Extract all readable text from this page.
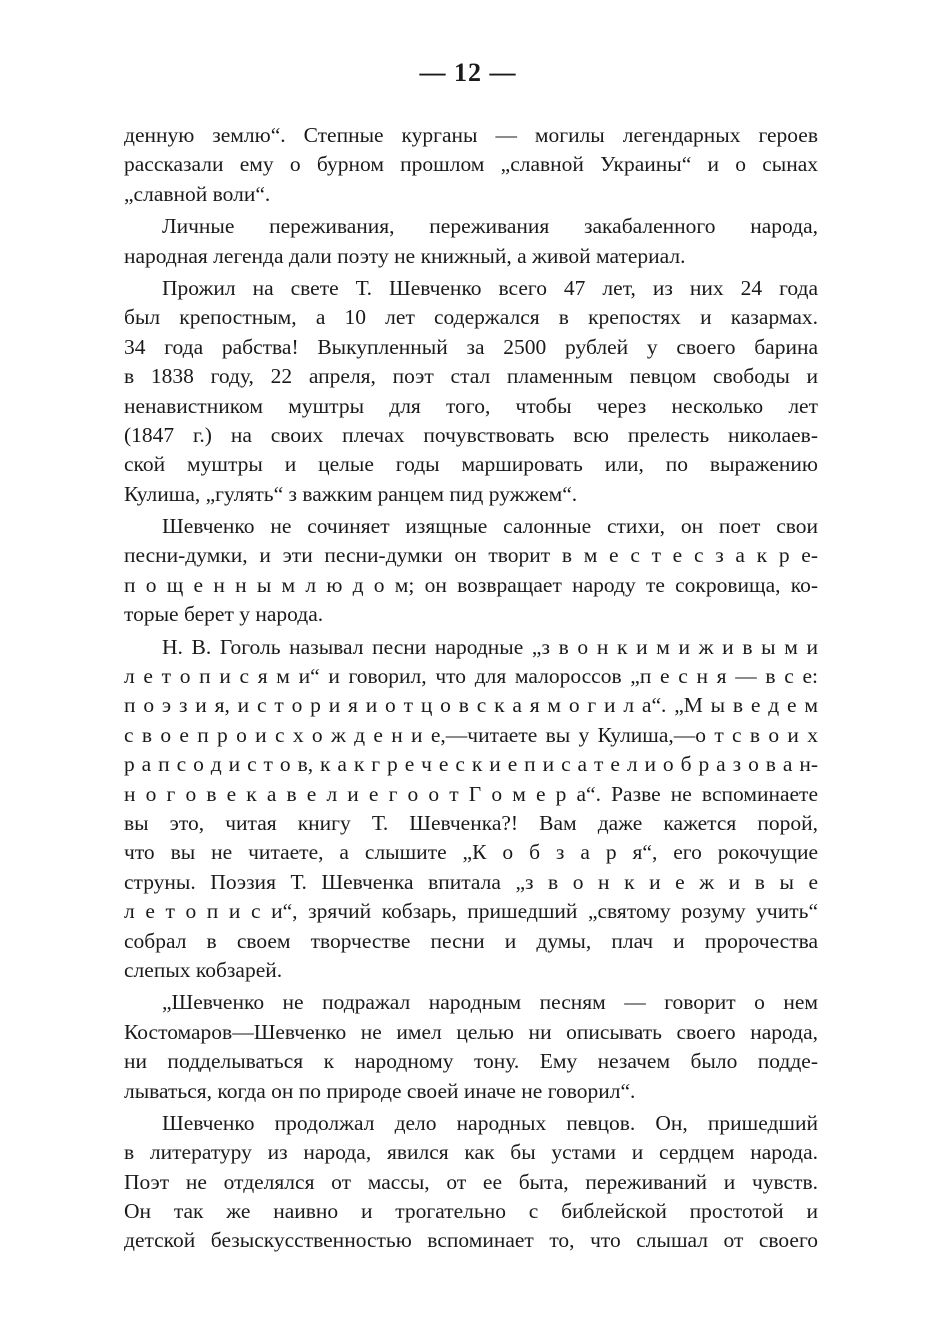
— 12 —
денную землю“. Степные курганы — могилы легендарных героев
рассказали ему о бурном прошлом „славной Украины“ и о сынах
„славной воли“.
Личные переживания, переживания закабаленного народа,
народная легенда дали поэту не книжный, а живой материал.
Прожил на свете Т. Шевченко всего 47 лет, из них 24 года
был крепостным, а 10 лет содержался в крепостях и казармах.
34 года рабства! Выкупленный за 2500 рублей у своего барина
в 1838 году, 22 апреля, поэт стал пламенным певцом свободы и
ненавистником муштры для того, чтобы через несколько лет
(1847 г.) на своих плечах почувствовать всю прелесть николаев-
ской муштры и целые годы маршировать или, по выражению
Кулиша, „гулять“ з важким ранцем пид ружжем“.
Шевченко не сочиняет изящные салонные стихи, он поет свои
песни-думки, и эти песни-думки он творит в м е с т е с з а к р е-
п о щ е н н ы м л ю д о м; он возвращает народу те сокровища, ко-
торые берет у народа.
Н. В. Гоголь называл песни народные „з в о н к и м и ж и в ы м и
л е т о п и с я м и“ и говорил, что для малороссов „п е с н я — в с е:
п о э з и я, и с т о р и я и о т ц о в с к а я м о г и л а“. „М ы в е д е м
с в о е п р о и с х о ж д е н и е,—читаете вы у Кулиша,—о т с в о и х
р а п с о д и с т о в, к а к г р е ч е с к и е п и с а т е л и о б р а з о в а н-
н о г о в е к а в е л и е г о о т Г о м е р а“. Разве не вспоминаете
вы это, читая книгу Т. Шевченка?! Вам даже кажется порой,
что вы не читаете, а слышите „К о б з а р я“, его рокочущие
струны. Поэзия Т. Шевченка впитала „з в о н к и е ж и в ы е
л е т о п и с и“, зрячий кобзарь, пришедший „святому розуму учить“
собрал в своем творчестве песни и думы, плач и пророчества
слепых кобзарей.
„Шевченко не подражал народным песням — говорит о нем
Костомаров—Шевченко не имел целью ни описывать своего народа,
ни подделываться к народному тону. Ему незачем было подде-
лываться, когда он по природе своей иначе не говорил“.
Шевченко продолжал дело народных певцов. Он, пришедший
в литературу из народа, явился как бы устами и сердцем народа.
Поэт не отделялся от массы, от ее быта, переживаний и чувств.
Он так же наивно и трогательно с библейской простотой и
детской безыскусственностью вспоминает то, что слышал от своего
